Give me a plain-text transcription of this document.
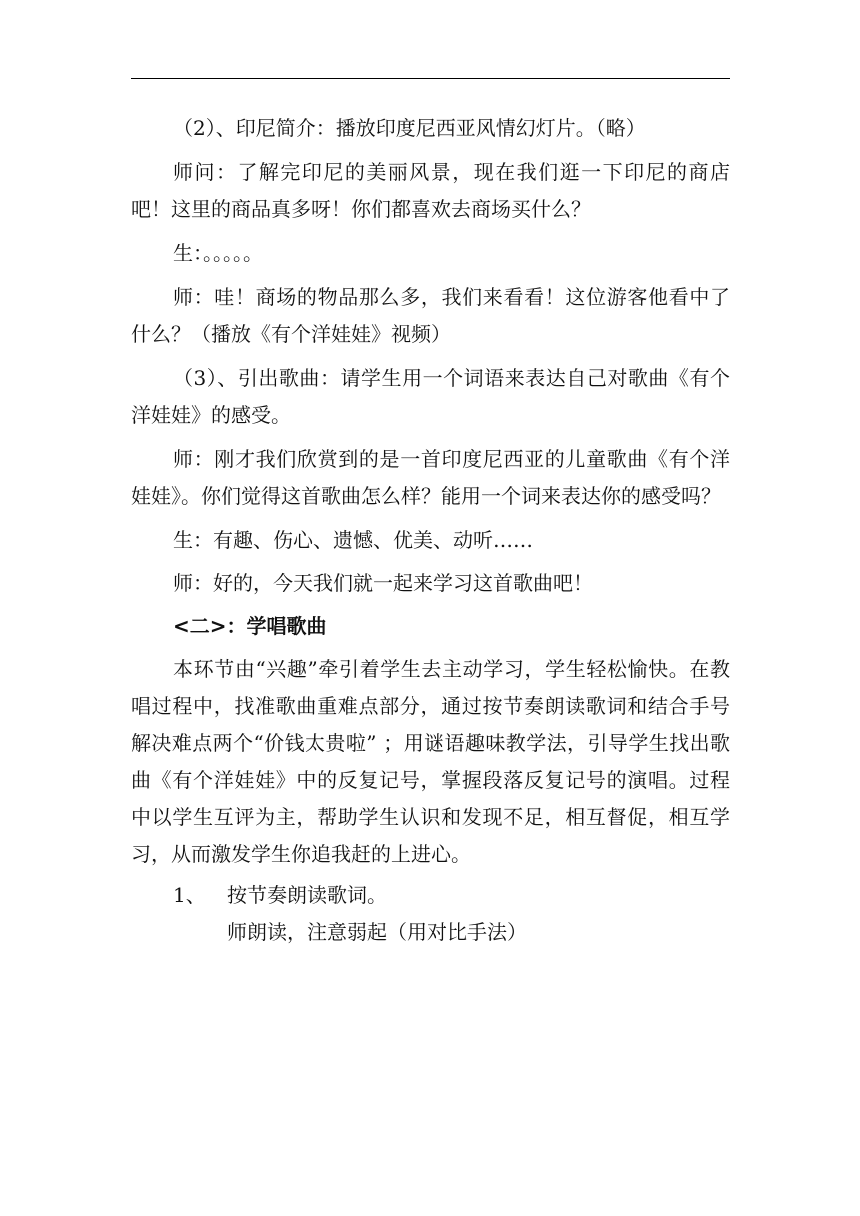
（2）、印尼简介：播放印度尼西亚风情幻灯片。（略）

师问：了解完印尼的美丽风景，现在我们逛一下印尼的商店吧！这里的商品真多呀！你们都喜欢去商场买什么？

生：。。。。。

师：哇！商场的物品那么多，我们来看看！这位游客他看中了什么？（播放《有个洋娃娃》视频）

（3）、引出歌曲：请学生用一个词语来表达自己对歌曲《有个洋娃娃》的感受。

师：刚才我们欣赏到的是一首印度尼西亚的儿童歌曲《有个洋娃娃》。你们觉得这首歌曲怎么样？能用一个词来表达你的感受吗？

生：有趣、伤心、遗憾、优美、动听……

师：好的，今天我们就一起来学习这首歌曲吧！

<二>：学唱歌曲

本环节由“兴趣”牵引着学生去主动学习，学生轻松愉快。在教唱过程中，找准歌曲重难点部分，通过按节奏朗读歌词和结合手号解决难点两个“价钱太贵啦” ；用谜语趣味教学法，引导学生找出歌曲《有个洋娃娃》中的反复记号，掌握段落反复记号的演唱。过程中以学生互评为主，帮助学生认识和发现不足，相互督促，相互学习，从而激发学生你追我赶的上进心。

1、	按节奏朗读歌词。

师朗读，注意弱起（用对比手法）
